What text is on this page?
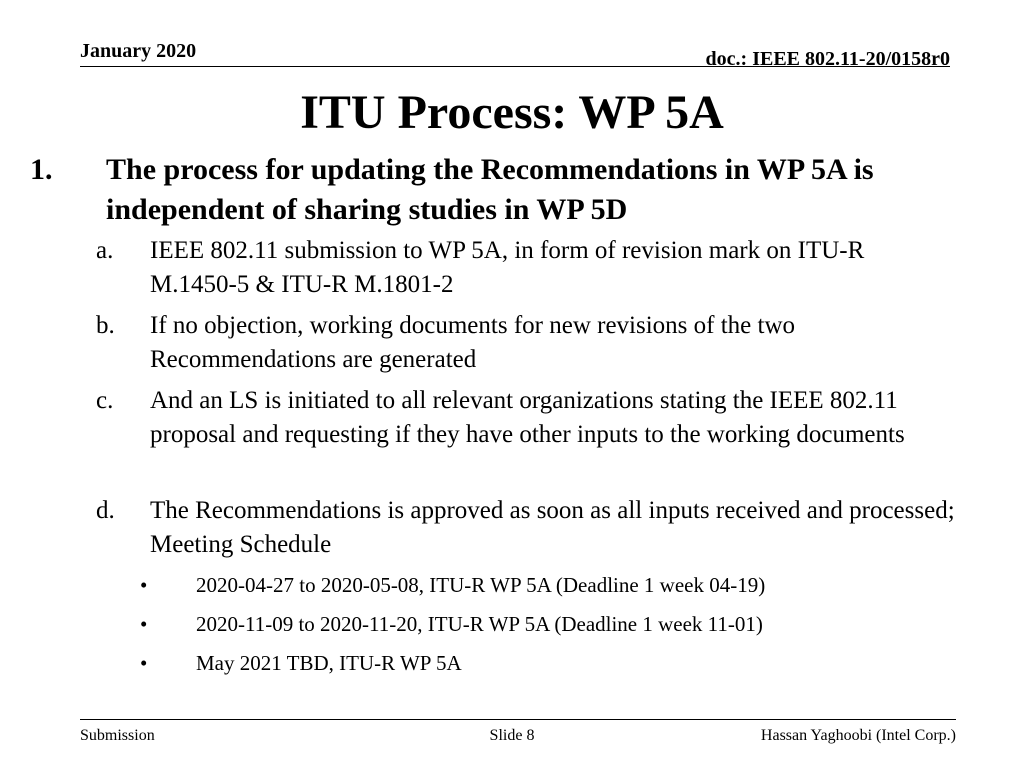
January 2020	doc.: IEEE 802.11-20/0158r0
ITU Process: WP 5A
1. The process for updating the Recommendations in WP 5A is independent of sharing studies in WP 5D
a. IEEE 802.11 submission to WP 5A, in form of revision mark on ITU-R M.1450-5 & ITU-R M.1801-2
b. If no objection, working documents for new revisions of the two Recommendations are generated
c. And an LS is initiated to all relevant organizations stating the IEEE 802.11 proposal and requesting if they have other inputs to the working documents
d. The Recommendations is approved as soon as all inputs received and processed; Meeting Schedule
• 2020-04-27 to 2020-05-08, ITU-R WP 5A (Deadline 1 week 04-19)
• 2020-11-09 to 2020-11-20, ITU-R WP 5A (Deadline 1 week 11-01)
• May 2021 TBD, ITU-R WP 5A
Submission	Slide 8	Hassan Yaghoobi (Intel Corp.)
